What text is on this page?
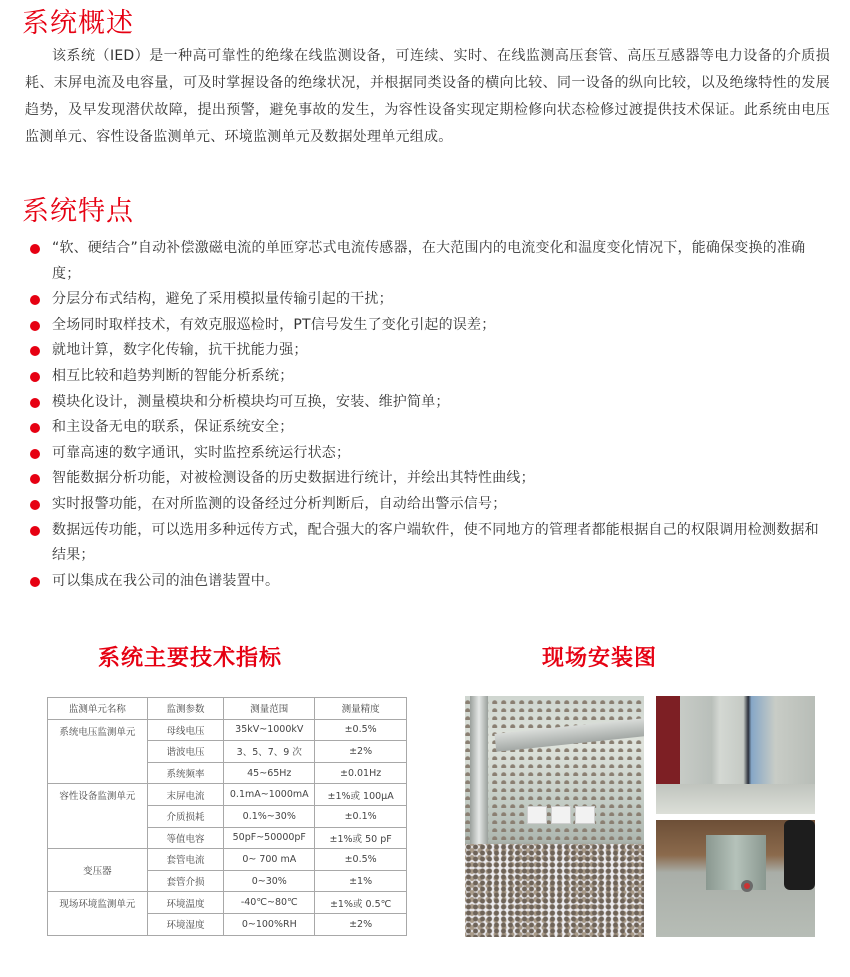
系统概述

该系统（IED）是一种高可靠性的绝缘在线监测设备，可连续、实时、在线监测高压套管、高压互感器等电力设备的介质损耗、末屏电流及电容量，可及时掌握设备的绝缘状况，并根据同类设备的横向比较、同一设备的纵向比较，以及绝缘特性的发展趋势，及早发现潜伏故障，提出预警，避免事故的发生，为容性设备实现定期检修向状态检修过渡提供技术保证。此系统由电压监测单元、容性设备监测单元、环境监测单元及数据处理单元组成。

系统特点
“软、硬结合”自动补偿激磁电流的单匝穿芯式电流传感器，在大范围内的电流变化和温度变化情况下，能确保变换的准确度；
分层分布式结构，避免了采用模拟量传输引起的干扰；
全场同时取样技术，有效克服巡检时，PT信号发生了变化引起的误差；
就地计算，数字化传输，抗干扰能力强；
相互比较和趋势判断的智能分析系统；
模块化设计，测量模块和分析模块均可互换，安装、维护简单；
和主设备无电的联系，保证系统安全；
可靠高速的数字通讯，实时监控系统运行状态；
智能数据分析功能，对被检测设备的历史数据进行统计，并绘出其特性曲线；
实时报警功能，在对所监测的设备经过分析判断后，自动给出警示信号；
数据远传功能，可以选用多种远传方式，配合强大的客户端软件，使不同地方的管理者都能根据自己的权限调用检测数据和结果；
可以集成在我公司的油色谱装置中。
系统主要技术指标	现场安装图
监测单元名称	监测参数	测量范围	测量精度
系统电压监测单元	母线电压	35kV~1000kV	±0.5%
	谐波电压	3、5、7、9 次	±2%
	系统频率	45~65Hz	±0.01Hz
容性设备监测单元	末屏电流	0.1mA~1000mA	±1%或 100μA
	介质损耗	0.1%~30%	±0.1%
	等值电容	50pF~50000pF	±1%或 50 pF
变压器	套管电流	0~ 700 mA	±0.5%
	套管介损	0~30%	±1%
现场环境监测单元	环境温度	-40℃~80℃	±1%或 0.5℃
	环境湿度	0~100%RH	±2%
